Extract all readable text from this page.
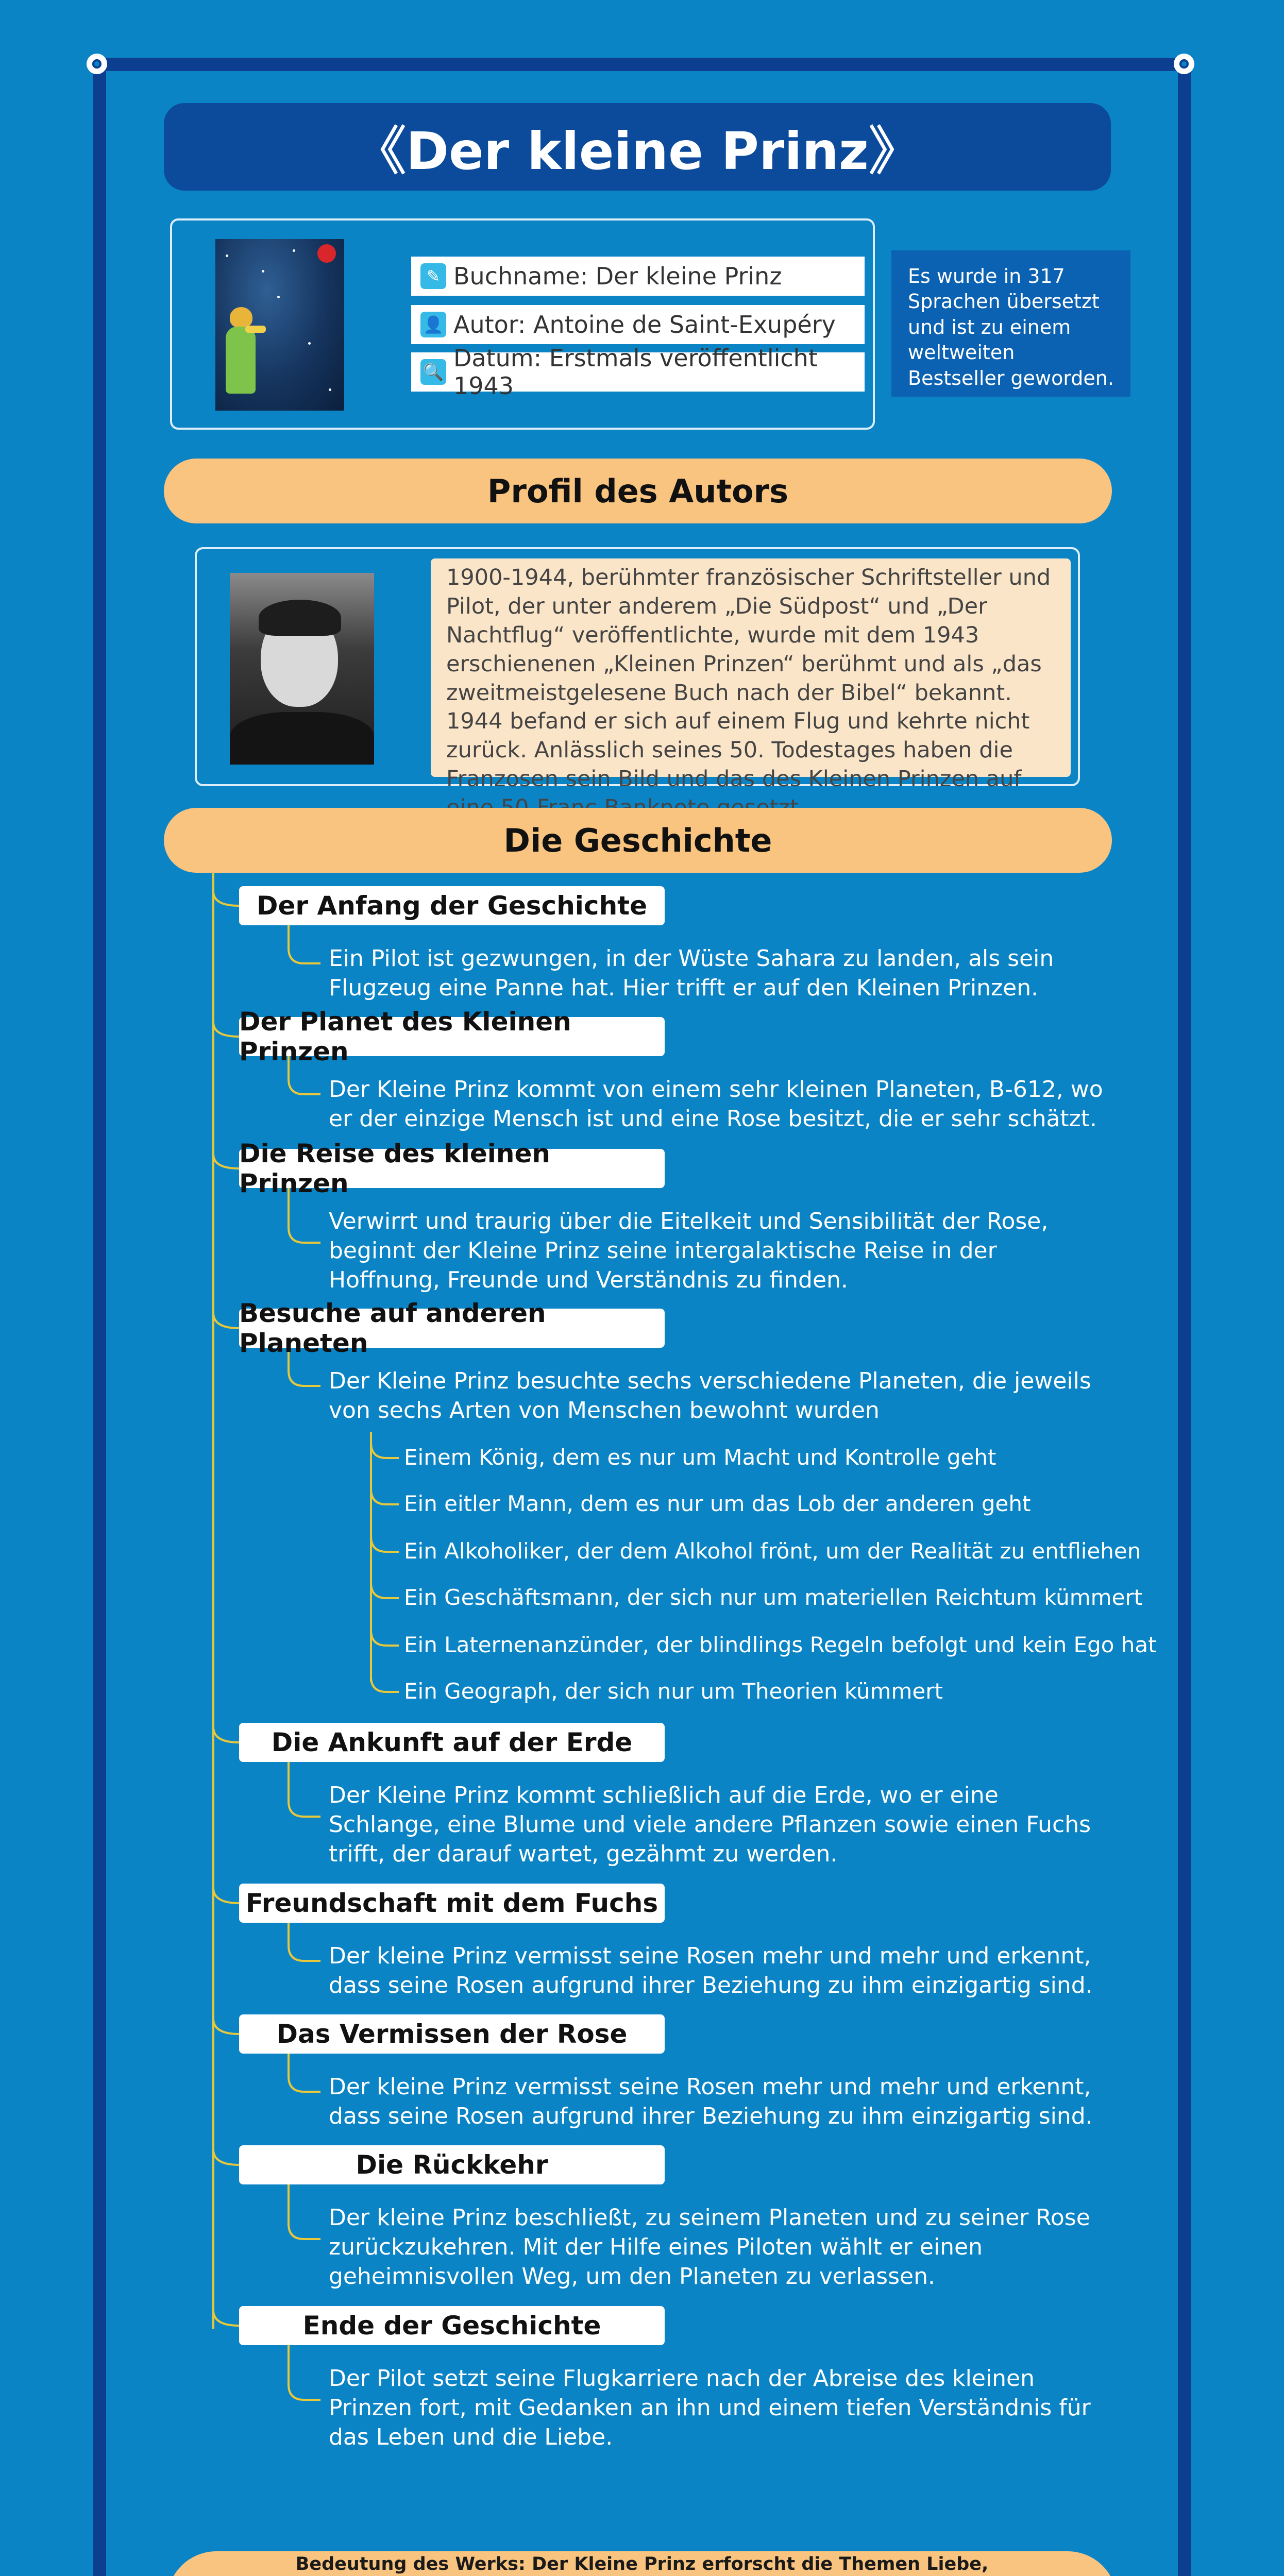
《Der kleine Prinz》
✎ Buchname: Der kleine Prinz
👤 Autor: Antoine de Saint-Exupéry
🔍 Datum: Erstmals veröffentlicht 1943
Es wurde in 317 Sprachen übersetzt und ist zu einem weltweiten Bestseller geworden.
Profil des Autors
1900-1944, berühmter französischer Schriftsteller und Pilot, der unter anderem „Die Südpost“ und „Der Nachtflug“ veröffentlichte, wurde mit dem 1943 erschienenen „Kleinen Prinzen“ berühmt und als „das zweitmeistgelesene Buch nach der Bibel“ bekannt. 1944 befand er sich auf einem Flug und kehrte nicht zurück. Anlässlich seines 50. Todestages haben die Franzosen sein Bild und das des Kleinen Prinzen auf
Die Geschichte
Der Anfang der Geschichte
Ein Pilot ist gezwungen, in der Wüste Sahara zu landen, als sein Flugzeug eine Panne hat. Hier trifft er auf den Kleinen Prinzen.
Der Planet des Kleinen Prinzen
Der Kleine Prinz kommt von einem sehr kleinen Planeten, B-612, wo er der einzige Mensch ist und eine Rose besitzt, die er sehr schätzt.
Die Reise des kleinen Prinzen
Verwirrt und traurig über die Eitelkeit und Sensibilität der Rose, beginnt der Kleine Prinz seine intergalaktische Reise in der Hoffnung, Freunde und Verständnis zu finden.
Besuche auf anderen Planeten
Der Kleine Prinz besuchte sechs verschiedene Planeten, die jeweils von sechs Arten von Menschen bewohnt wurden
Einem König, dem es nur um Macht und Kontrolle geht
Ein eitler Mann, dem es nur um das Lob der anderen geht
Ein Alkoholiker, der dem Alkohol frönt, um der Realität zu entfliehen
Ein Geschäftsmann, der sich nur um materiellen Reichtum kümmert
Ein Laternenanzünder, der blindlings Regeln befolgt und kein Ego hat
Ein Geograph, der sich nur um Theorien kümmert
Die Ankunft auf der Erde
Der Kleine Prinz kommt schließlich auf die Erde, wo er eine Schlange, eine Blume und viele andere Pflanzen sowie einen Fuchs trifft, der darauf wartet, gezähmt zu werden.
Freundschaft mit dem Fuchs
Der kleine Prinz vermisst seine Rosen mehr und mehr und erkennt, dass seine Rosen aufgrund ihrer Beziehung zu ihm einzigartig sind.
Das Vermissen der Rose
Der kleine Prinz vermisst seine Rosen mehr und mehr und erkennt, dass seine Rosen aufgrund ihrer Beziehung zu ihm einzigartig sind.
Die Rückkehr
Der kleine Prinz beschließt, zu seinem Planeten und zu seiner Rose zurückzukehren. Mit der Hilfe eines Piloten wählt er einen geheimnisvollen Weg, um den Planeten zu verlassen.
Ende der Geschichte
Der Pilot setzt seine Flugkarriere nach der Abreise des kleinen Prinzen fort, mit Gedanken an ihn und einem tiefen Verständnis für das Leben und die Liebe.
Bedeutung des Werks: Der Kleine Prinz erforscht die Themen Liebe,
